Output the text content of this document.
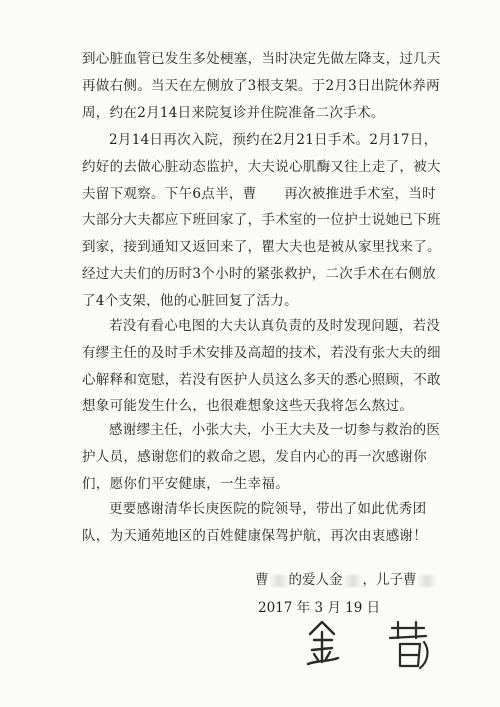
到心脏血管已发生多处梗塞，当时决定先做左降支，过几天再做右侧。当天在左侧放了3根支架。于2月3日出院休养两周，约在2月14日来院复诊并住院准备二次手术。

2月14日再次入院，预约在2月21日手术。2月17日，约好的去做心脏动态监护，大夫说心肌酶又往上走了，被大夫留下观察。下午6点半，曹　　再次被推进手术室，当时大部分大夫都应下班回家了，手术室的一位护士说她已下班到家，接到通知又返回来了，瞿大夫也是被从家里找来了。经过大夫们的历时3个小时的紧张救护，二次手术在右侧放了4个支架，他的心脏回复了活力。

若没有看心电图的大夫认真负责的及时发现问题，若没有缪主任的及时手术安排及高超的技术，若没有张大夫的细心解释和宽慰，若没有医护人员这么多天的悉心照顾，不敢想象可能发生什么，也很难想象这些天我将怎么熬过。

感谢缪主任，小张大夫，小王大夫及一切参与救治的医护人员，感谢您们的救命之恩，发自内心的再一次感谢你们，愿你们平安健康，一生幸福。

更要感谢清华长庚医院的院领导，带出了如此优秀团队，为天通苑地区的百姓健康保驾护航，再次由衷感谢！

曹 的爱人金 ，儿子曹
2017 年 3 月 19 日
